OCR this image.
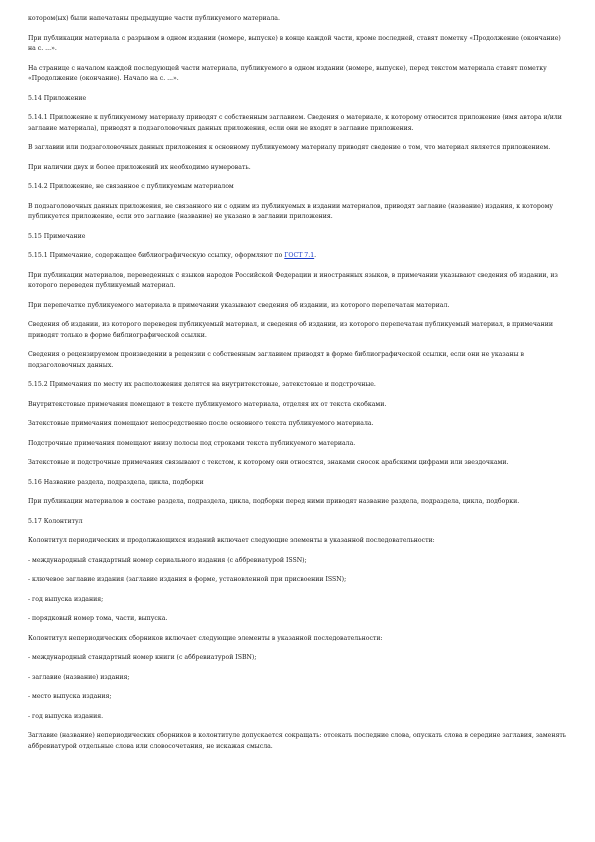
котором(ых) были напечатаны предыдущие части публикуемого материала.

При публикации материала с разрывом в одном издании (номере, выпуске) в конце каждой части, кроме последней, ставят пометку «Продолжение (окончание) на с. ...».

На странице с началом каждой последующей части материала, публикуемого в одном издании (номере, выпуске), перед текстом материала ставят пометку «Продолжение (окончание). Начало на с. ...».

5.14 Приложение

5.14.1 Приложение к публикуемому материалу приводят с собственным заглавием. Сведения о материале, к которому относится приложение (имя автора и/или заглавие материала), приводят в подзаголовочных данных приложения, если они не входят в заглавие приложения.

В заглавии или подзаголовочных данных приложения к основному публикуемому материалу приводят сведение о том, что материал является приложением.

При наличии двух и более приложений их необходимо нумеровать.

5.14.2 Приложение, не связанное с публикуемым материалом

В подзаголовочных данных приложения, не связанного ни с одним из публикуемых в издании материалов, приводят заглавие (название) издания, к которому публикуется приложение, если это заглавие (название) не указано в заглавии приложения.

5.15 Примечание

5.15.1 Примечание, содержащее библиографическую ссылку, оформляют по ГОСТ 7.1.

При публикации материалов, переведенных с языков народов Российской Федерации и иностранных языков, в примечании указывают сведения об издании, из которого переведен публикуемый материал.

При перепечатке публикуемого материала в примечании указывают сведения об издании, из которого перепечатан материал.

Сведения об издании, из которого переведен публикуемый материал, и сведения об издании, из которого перепечатан публикуемый материал, в примечании приводят только в форме библиографической ссылки.

Сведения о рецензируемом произведении в рецензии с собственным заглавием приводят в форме библиографической ссылки, если они не указаны в подзаголовочных данных.

5.15.2 Примечания по месту их расположения делятся на внутритекстовые, затекстовые и подстрочные.

Внутритекстовые примечания помещают в тексте публикуемого материала, отделяя их от текста скобками.

Затекстовые примечания помещают непосредственно после основного текста публикуемого материала.

Подстрочные примечания помещают внизу полосы под строками текста публикуемого материала.

Затекстовые и подстрочные примечания связывают с текстом, к которому они относятся, знаками сносок арабскими цифрами или звездочками.

5.16 Название раздела, подраздела, цикла, подборки

При публикации материалов в составе раздела, подраздела, цикла, подборки перед ними приводят название раздела, подраздела, цикла, подборки.

5.17 Колонтитул

Колонтитул периодических и продолжающихся изданий включает следующие элементы в указанной последовательности:

- международный стандартный номер сериального издания (с аббревиатурой ISSN);

- ключевое заглавие издания (заглавие издания в форме, установленной при присвоении ISSN);

- год выпуска издания;

- порядковый номер тома, части, выпуска.

Колонтитул непериодических сборников включает следующие элементы в указанной последовательности:

- международный стандартный номер книги (с аббревиатурой ISBN);

- заглавие (название) издания;

- место выпуска издания;

- год выпуска издания.

Заглавие (название) непериодических сборников в колонтитуле допускается сокращать: отсекать последние слова, опускать слова в середине заглавия, заменять аббревиатурой отдельные слова или словосочетания, не искажая смысла.
